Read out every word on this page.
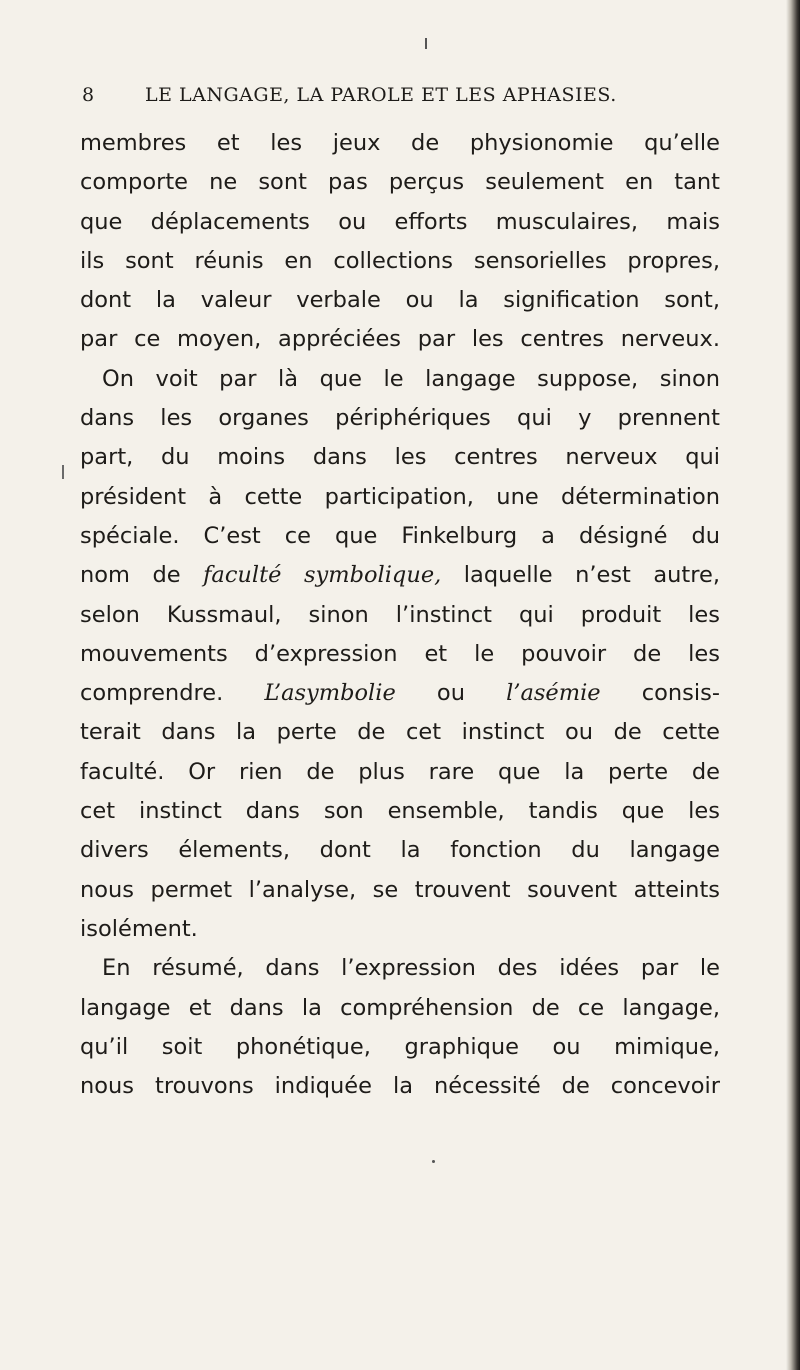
8	LE LANGAGE, LA PAROLE ET LES APHASIES.
membres et les jeux de physionomie qu’elle
comporte ne sont pas perçus seulement en tant
que déplacements ou efforts musculaires, mais
ils sont réunis en collections sensorielles propres,
dont la valeur verbale ou la signification sont,
par ce moyen, appréciées par les centres nerveux.
On voit par là que le langage suppose, sinon
dans les organes périphériques qui y prennent
part, du moins dans les centres nerveux qui
président à cette participation, une détermination
spéciale. C’est ce que Finkelburg a désigné du
nom de faculté symbolique, laquelle n’est autre,
selon Kussmaul, sinon l’instinct qui produit les
mouvements d’expression et le pouvoir de les
comprendre. L’asymbolie ou l’asémie consis-
terait dans la perte de cet instinct ou de cette
faculté. Or rien de plus rare que la perte de
cet instinct dans son ensemble, tandis que les
divers élements, dont la fonction du langage
nous permet l’analyse, se trouvent souvent atteints
isolément.
En résumé, dans l’expression des idées par le
langage et dans la compréhension de ce langage,
qu’il soit phonétique, graphique ou mimique,
nous trouvons indiquée la nécessité de concevoir
